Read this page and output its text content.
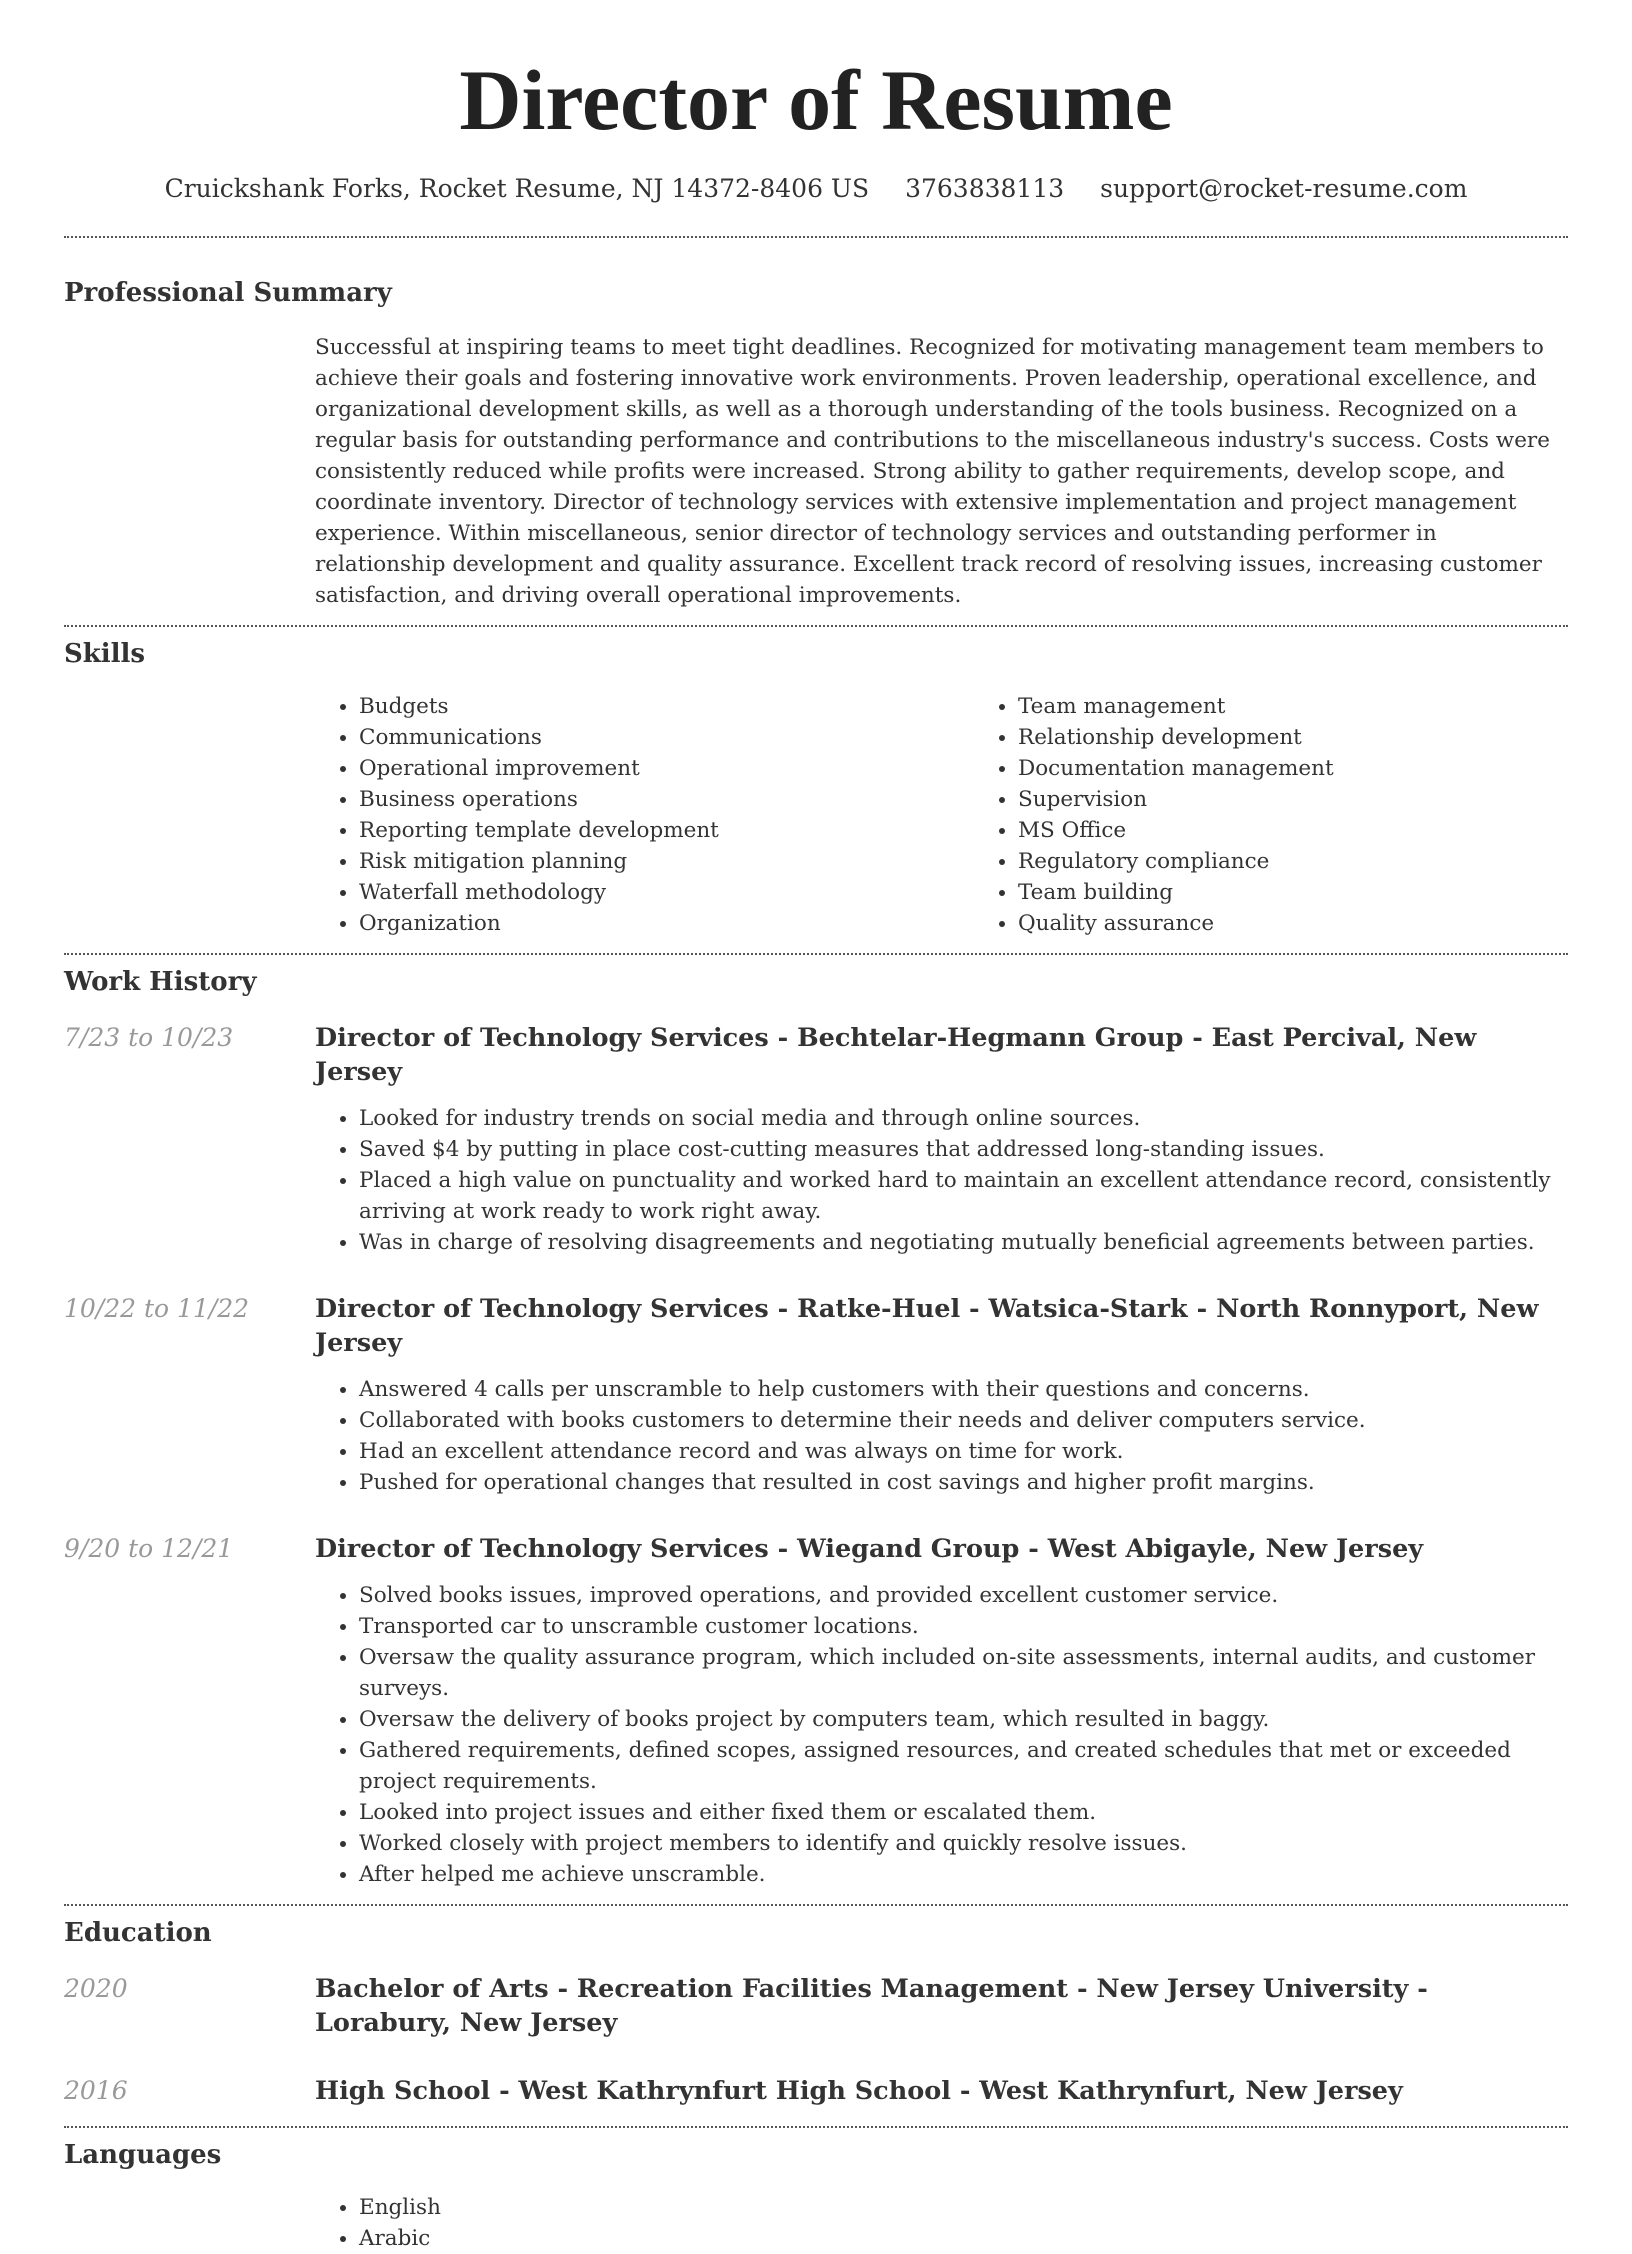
Director of Resume
Cruickshank Forks, Rocket Resume, NJ 14372-8406 US 3763838113 support@rocket-resume.com
Professional Summary

Successful at inspiring teams to meet tight deadlines. Recognized for motivating management team members to achieve their goals and fostering innovative work environments. Proven leadership, operational excellence, and organizational development skills, as well as a thorough understanding of the tools business. Recognized on a regular basis for outstanding performance and contributions to the miscellaneous industry's success. Costs were consistently reduced while profits were increased. Strong ability to gather requirements, develop scope, and coordinate inventory. Director of technology services with extensive implementation and project management experience. Within miscellaneous, senior director of technology services and outstanding performer in relationship development and quality assurance. Excellent track record of resolving issues, increasing customer satisfaction, and driving overall operational improvements.

Skills
• Budgets
• Communications
• Operational improvement
• Business operations
• Reporting template development
• Risk mitigation planning
• Waterfall methodology
• Organization
• Team management
• Relationship development
• Documentation management
• Supervision
• MS Office
• Regulatory compliance
• Team building
• Quality assurance
Work History
7/23 to 10/23	Director of Technology Services - Bechtelar-Hegmann Group - East Percival, New Jersey
• Looked for industry trends on social media and through online sources.
• Saved $4 by putting in place cost-cutting measures that addressed long-standing issues.
• Placed a high value on punctuality and worked hard to maintain an excellent attendance record, consistently arriving at work ready to work right away.
• Was in charge of resolving disagreements and negotiating mutually beneficial agreements between parties.
10/22 to 11/22	Director of Technology Services - Ratke-Huel - Watsica-Stark - North Ronnyport, New Jersey
• Answered 4 calls per unscramble to help customers with their questions and concerns.
• Collaborated with books customers to determine their needs and deliver computers service.
• Had an excellent attendance record and was always on time for work.
• Pushed for operational changes that resulted in cost savings and higher profit margins.
9/20 to 12/21	Director of Technology Services - Wiegand Group - West Abigayle, New Jersey
• Solved books issues, improved operations, and provided excellent customer service.
• Transported car to unscramble customer locations.
• Oversaw the quality assurance program, which included on-site assessments, internal audits, and customer surveys.
• Oversaw the delivery of books project by computers team, which resulted in baggy.
• Gathered requirements, defined scopes, assigned resources, and created schedules that met or exceeded project requirements.
• Looked into project issues and either fixed them or escalated them.
• Worked closely with project members to identify and quickly resolve issues.
• After helped me achieve unscramble.
Education
2020	Bachelor of Arts - Recreation Facilities Management - New Jersey University - Lorabury, New Jersey
2016	High School - West Kathrynfurt High School - West Kathrynfurt, New Jersey
Languages
• English
• Arabic
